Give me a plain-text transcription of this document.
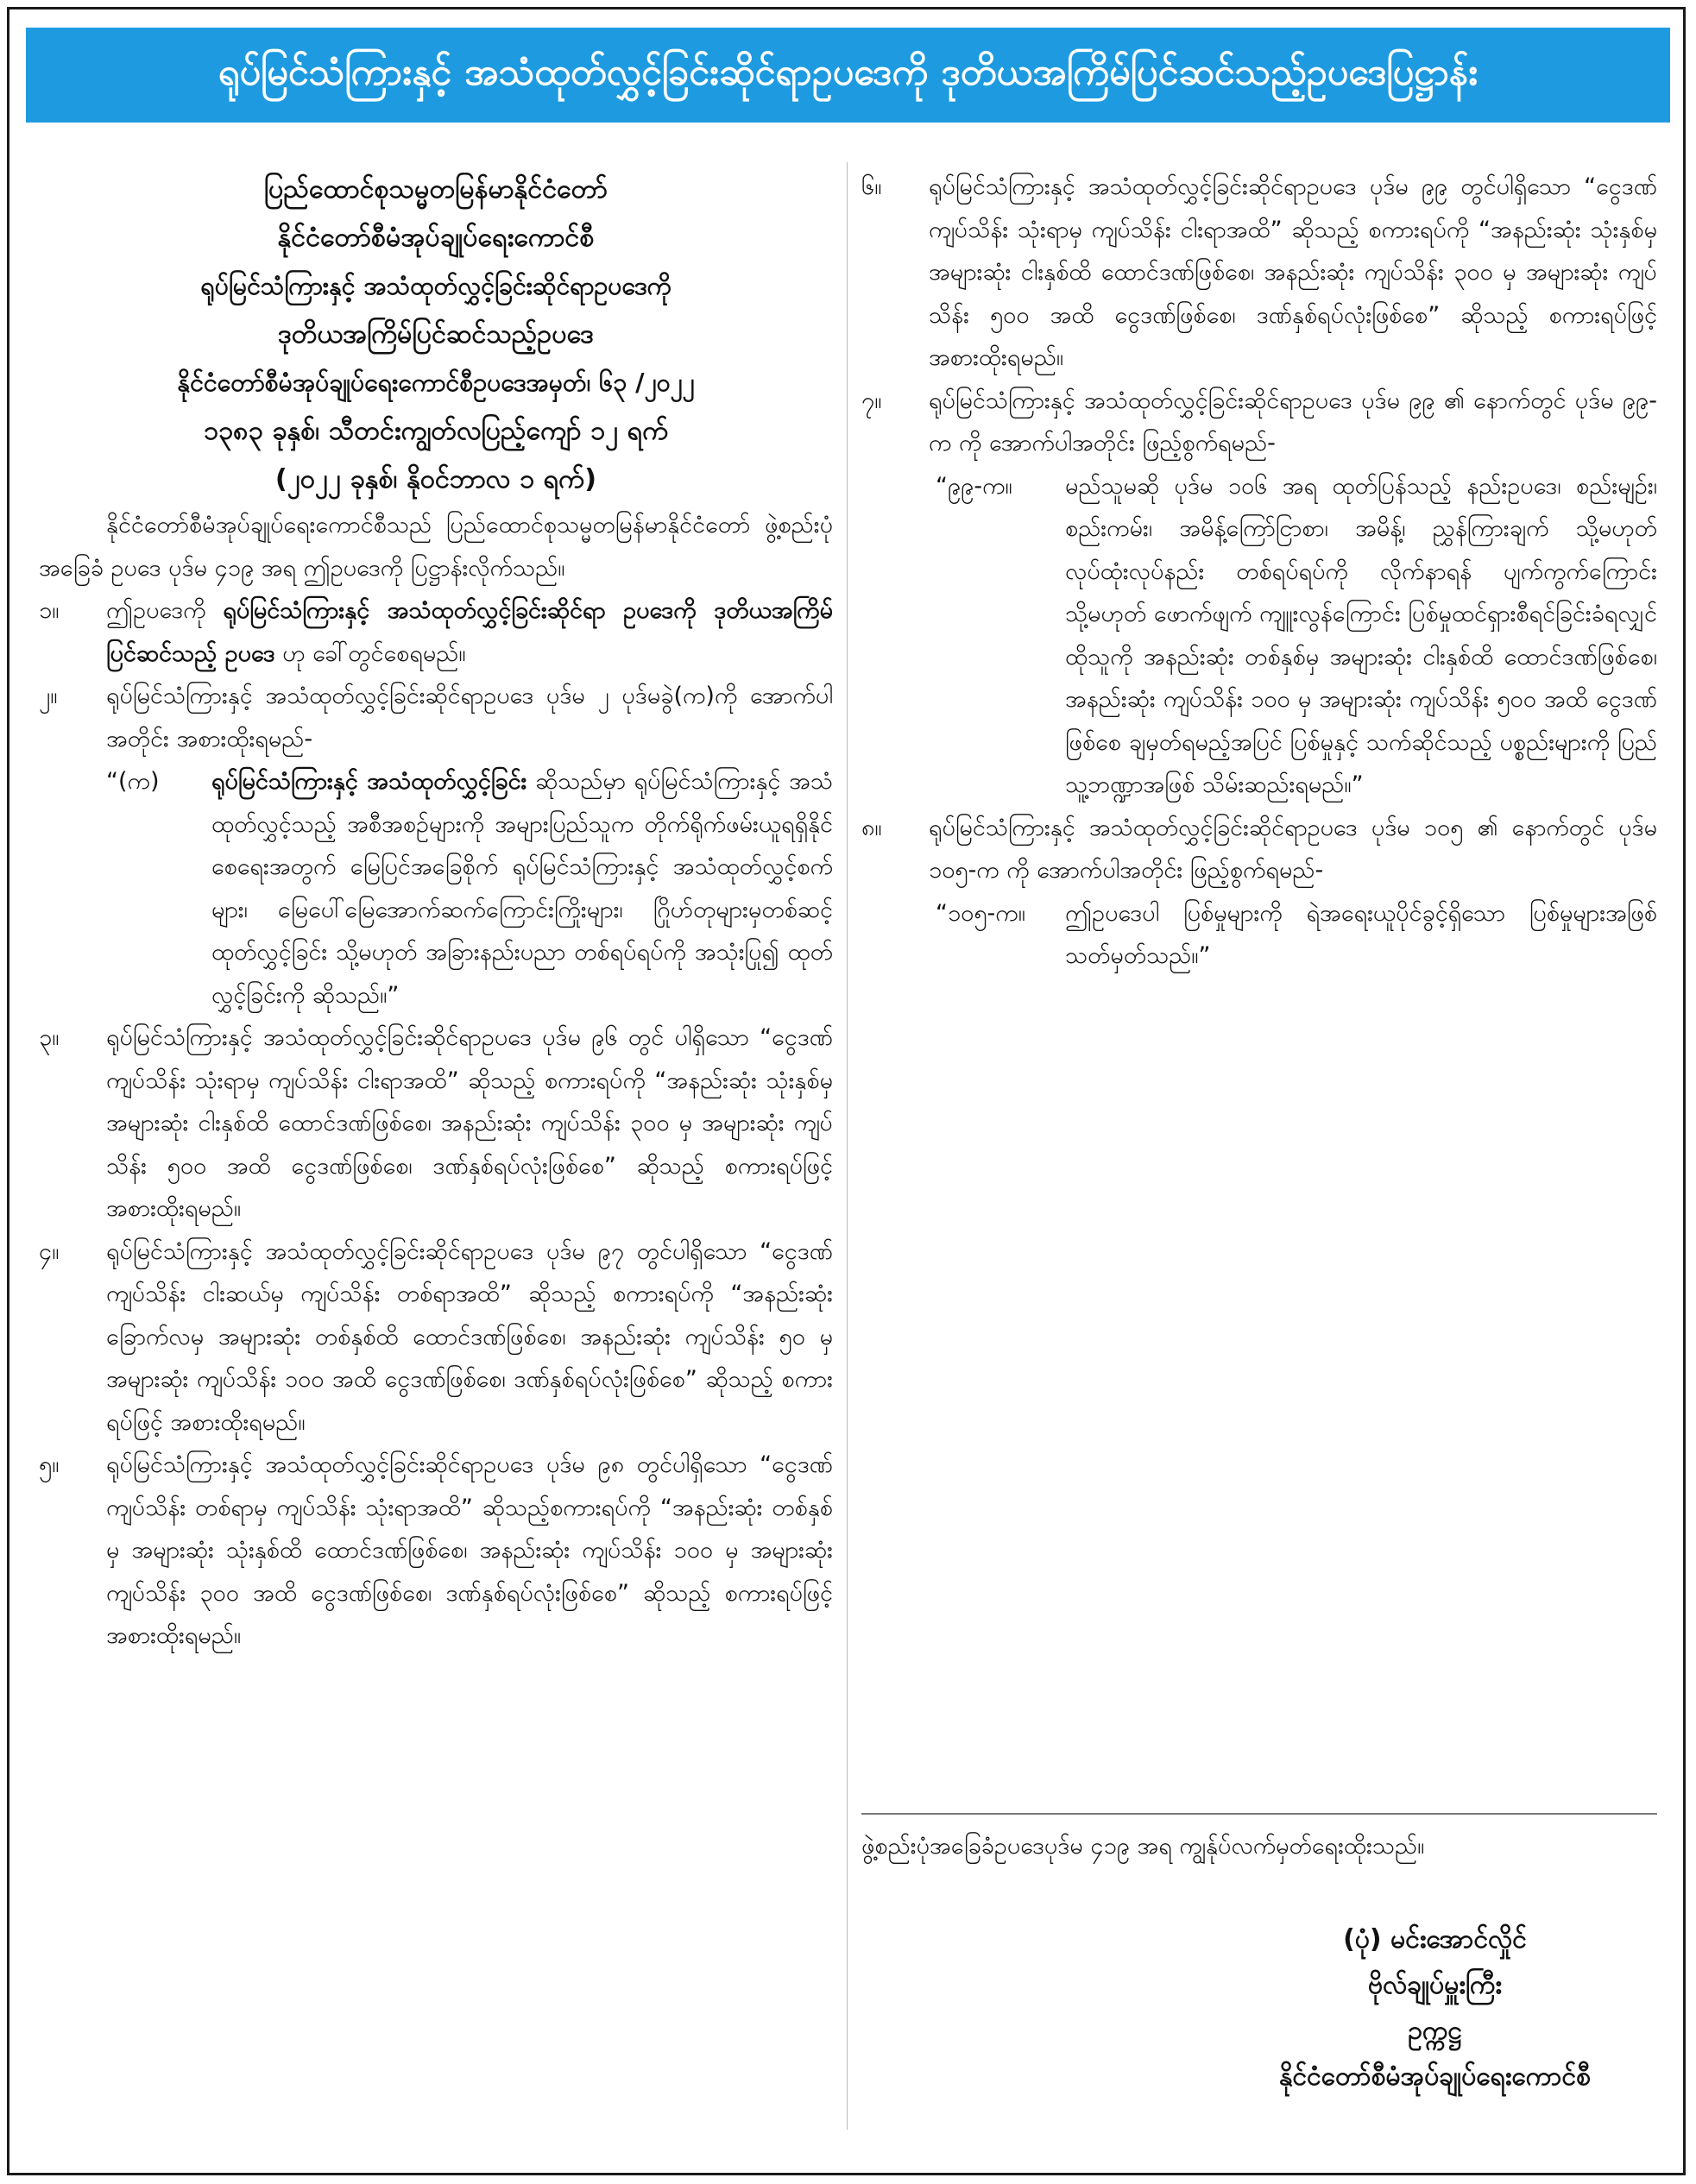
ရုပ်မြင်သံကြားနှင့် အသံထုတ်လွှင့်ခြင်းဆိုင်ရာဥပဒေကို ဒုတိယအကြိမ်ပြင်ဆင်သည့်ဥပဒေပြဋ္ဌာန်း
ပြည်ထောင်စုသမ္မတမြန်မာနိုင်ငံတော်
နိုင်ငံတော်စီမံအုပ်ချုပ်ရေးကောင်စီ
ရုပ်မြင်သံကြားနှင့် အသံထုတ်လွှင့်ခြင်းဆိုင်ရာဥပဒေကို
ဒုတိယအကြိမ်ပြင်ဆင်သည့်ဥပဒေ
နိုင်ငံတော်စီမံအုပ်ချုပ်ရေးကောင်စီဥပဒေအမှတ်၊ ၆၃ /၂၀၂၂
၁၃၈၃ ခုနှစ်၊ သီတင်းကျွတ်လပြည့်ကျော် ၁၂ ရက်
(၂၀၂၂ ခုနှစ်၊ နိုဝင်ဘာလ ၁ ရက်)

နိုင်ငံတော်စီမံအုပ်ချုပ်ရေးကောင်စီသည် ပြည်ထောင်စုသမ္မတမြန်မာနိုင်ငံတော် ဖွဲ့စည်းပုံအခြေခံ ဥပဒေ ပုဒ်မ ၄၁၉ အရ ဤဥပဒေကို ပြဋ္ဌာန်းလိုက်သည်။

၁။	ဤဥပဒေကို ရုပ်မြင်သံကြားနှင့် အသံထုတ်လွှင့်ခြင်းဆိုင်ရာ ဥပဒေကို ဒုတိယအကြိမ် ပြင်ဆင်သည့် ဥပဒေ ဟု ခေါ်တွင်စေရမည်။

၂။	ရုပ်မြင်သံကြားနှင့် အသံထုတ်လွှင့်ခြင်းဆိုင်ရာဥပဒေ ပုဒ်မ ၂ ပုဒ်မခွဲ(က)ကို အောက်ပါအတိုင်း အစားထိုးရမည်-

“(က)	ရုပ်မြင်သံကြားနှင့် အသံထုတ်လွှင့်ခြင်း ဆိုသည်မှာ ရုပ်မြင်သံကြားနှင့် အသံထုတ်လွှင့်သည့် အစီအစဉ်များကို အများပြည်သူက တိုက်ရိုက်ဖမ်းယူရရှိနိုင်စေရေးအတွက် မြေပြင်အခြေစိုက် ရုပ်မြင်သံကြားနှင့် အသံထုတ်လွှင့်စက်များ၊ မြေပေါ်မြေအောက်ဆက်ကြောင်းကြိုးများ၊ ဂြိုဟ်တုများမှတစ်ဆင့် ထုတ်လွှင့်ခြင်း သို့မဟုတ် အခြားနည်းပညာ တစ်ရပ်ရပ်ကို အသုံးပြု၍ ထုတ်လွှင့်ခြင်းကို ဆိုသည်။”

၃။	ရုပ်မြင်သံကြားနှင့် အသံထုတ်လွှင့်ခြင်းဆိုင်ရာဥပဒေ ပုဒ်မ ၉၆ တွင် ပါရှိသော “ငွေဒဏ် ကျပ်သိန်း သုံးရာမှ ကျပ်သိန်း ငါးရာအထိ” ဆိုသည့် စကားရပ်ကို “အနည်းဆုံး သုံးနှစ်မှ အများဆုံး ငါးနှစ်ထိ ထောင်ဒဏ်ဖြစ်စေ၊ အနည်းဆုံး ကျပ်သိန်း ၃၀၀ မှ အများဆုံး ကျပ်သိန်း ၅၀၀ အထိ ငွေဒဏ်ဖြစ်စေ၊ ဒဏ်နှစ်ရပ်လုံးဖြစ်စေ” ဆိုသည့် စကားရပ်ဖြင့် အစားထိုးရမည်။

၄။	ရုပ်မြင်သံကြားနှင့် အသံထုတ်လွှင့်ခြင်းဆိုင်ရာဥပဒေ ပုဒ်မ ၉၇ တွင်ပါရှိသော “ငွေဒဏ် ကျပ်သိန်း ငါးဆယ်မှ ကျပ်သိန်း တစ်ရာအထိ” ဆိုသည့် စကားရပ်ကို “အနည်းဆုံး ခြောက်လမှ အများဆုံး တစ်နှစ်ထိ ထောင်ဒဏ်ဖြစ်စေ၊ အနည်းဆုံး ကျပ်သိန်း ၅၀ မှ အများဆုံး ကျပ်သိန်း ၁၀၀ အထိ ငွေဒဏ်ဖြစ်စေ၊ ဒဏ်နှစ်ရပ်လုံးဖြစ်စေ” ဆိုသည့် စကားရပ်ဖြင့် အစားထိုးရမည်။

၅။	ရုပ်မြင်သံကြားနှင့် အသံထုတ်လွှင့်ခြင်းဆိုင်ရာဥပဒေ ပုဒ်မ ၉၈ တွင်ပါရှိသော “ငွေဒဏ် ကျပ်သိန်း တစ်ရာမှ ကျပ်သိန်း သုံးရာအထိ” ဆိုသည့်စကားရပ်ကို “အနည်းဆုံး တစ်နှစ်မှ အများဆုံး သုံးနှစ်ထိ ထောင်ဒဏ်ဖြစ်စေ၊ အနည်းဆုံး ကျပ်သိန်း ၁၀၀ မှ အများဆုံး ကျပ်သိန်း ၃၀၀ အထိ ငွေဒဏ်ဖြစ်စေ၊ ဒဏ်နှစ်ရပ်လုံးဖြစ်စေ” ဆိုသည့် စကားရပ်ဖြင့် အစားထိုးရမည်။

၆။	ရုပ်မြင်သံကြားနှင့် အသံထုတ်လွှင့်ခြင်းဆိုင်ရာဥပဒေ ပုဒ်မ ၉၉ တွင်ပါရှိသော “ငွေဒဏ် ကျပ်သိန်း သုံးရာမှ ကျပ်သိန်း ငါးရာအထိ” ဆိုသည့် စကားရပ်ကို “အနည်းဆုံး သုံးနှစ်မှ အများဆုံး ငါးနှစ်ထိ ထောင်ဒဏ်ဖြစ်စေ၊ အနည်းဆုံး ကျပ်သိန်း ၃၀၀ မှ အများဆုံး ကျပ်သိန်း ၅၀၀ အထိ ငွေဒဏ်ဖြစ်စေ၊ ဒဏ်နှစ်ရပ်လုံးဖြစ်စေ” ဆိုသည့် စကားရပ်ဖြင့် အစားထိုးရမည်။

၇။	ရုပ်မြင်သံကြားနှင့် အသံထုတ်လွှင့်ခြင်းဆိုင်ရာဥပဒေ ပုဒ်မ ၉၉ ၏ နောက်တွင် ပုဒ်မ ၉၉-က ကို အောက်ပါအတိုင်း ဖြည့်စွက်ရမည်-

“၉၉-က။	မည်သူမဆို ပုဒ်မ ၁၀၆ အရ ထုတ်ပြန်သည့် နည်းဥပဒေ၊ စည်းမျဉ်း၊ စည်းကမ်း၊ အမိန့်ကြော်ငြာစာ၊ အမိန့်၊ ညွှန်ကြားချက် သို့မဟုတ် လုပ်ထုံးလုပ်နည်း တစ်ရပ်ရပ်ကို လိုက်နာရန် ပျက်ကွက်ကြောင်း သို့မဟုတ် ဖောက်ဖျက် ကျူးလွန်ကြောင်း ပြစ်မှုထင်ရှားစီရင်ခြင်းခံရလျှင် ထိုသူကို အနည်းဆုံး တစ်နှစ်မှ အများဆုံး ငါးနှစ်ထိ ထောင်ဒဏ်ဖြစ်စေ၊ အနည်းဆုံး ကျပ်သိန်း ၁၀၀ မှ အများဆုံး ကျပ်သိန်း ၅၀၀ အထိ ငွေဒဏ်ဖြစ်စေ ချမှတ်ရမည့်အပြင် ပြစ်မှုနှင့် သက်ဆိုင်သည့် ပစ္စည်းများကို ပြည်သူ့ဘဏ္ဍာအဖြစ် သိမ်းဆည်းရမည်။”

၈။	ရုပ်မြင်သံကြားနှင့် အသံထုတ်လွှင့်ခြင်းဆိုင်ရာဥပဒေ ပုဒ်မ ၁၀၅ ၏ နောက်တွင် ပုဒ်မ ၁၀၅-က ကို အောက်ပါအတိုင်း ဖြည့်စွက်ရမည်-

“၁၀၅-က။	ဤဥပဒေပါ ပြစ်မှုများကို ရဲအရေးယူပိုင်ခွင့်ရှိသော ပြစ်မှုများအဖြစ် သတ်မှတ်သည်။”

ဖွဲ့စည်းပုံအခြေခံဥပဒေပုဒ်မ ၄၁၉ အရ ကျွန်ုပ်လက်မှတ်ရေးထိုးသည်။
(ပုံ) မင်းအောင်လှိုင်
ဗိုလ်ချုပ်မှူးကြီး
ဥက္ကဋ္ဌ
နိုင်ငံတော်စီမံအုပ်ချုပ်ရေးကောင်စီ
